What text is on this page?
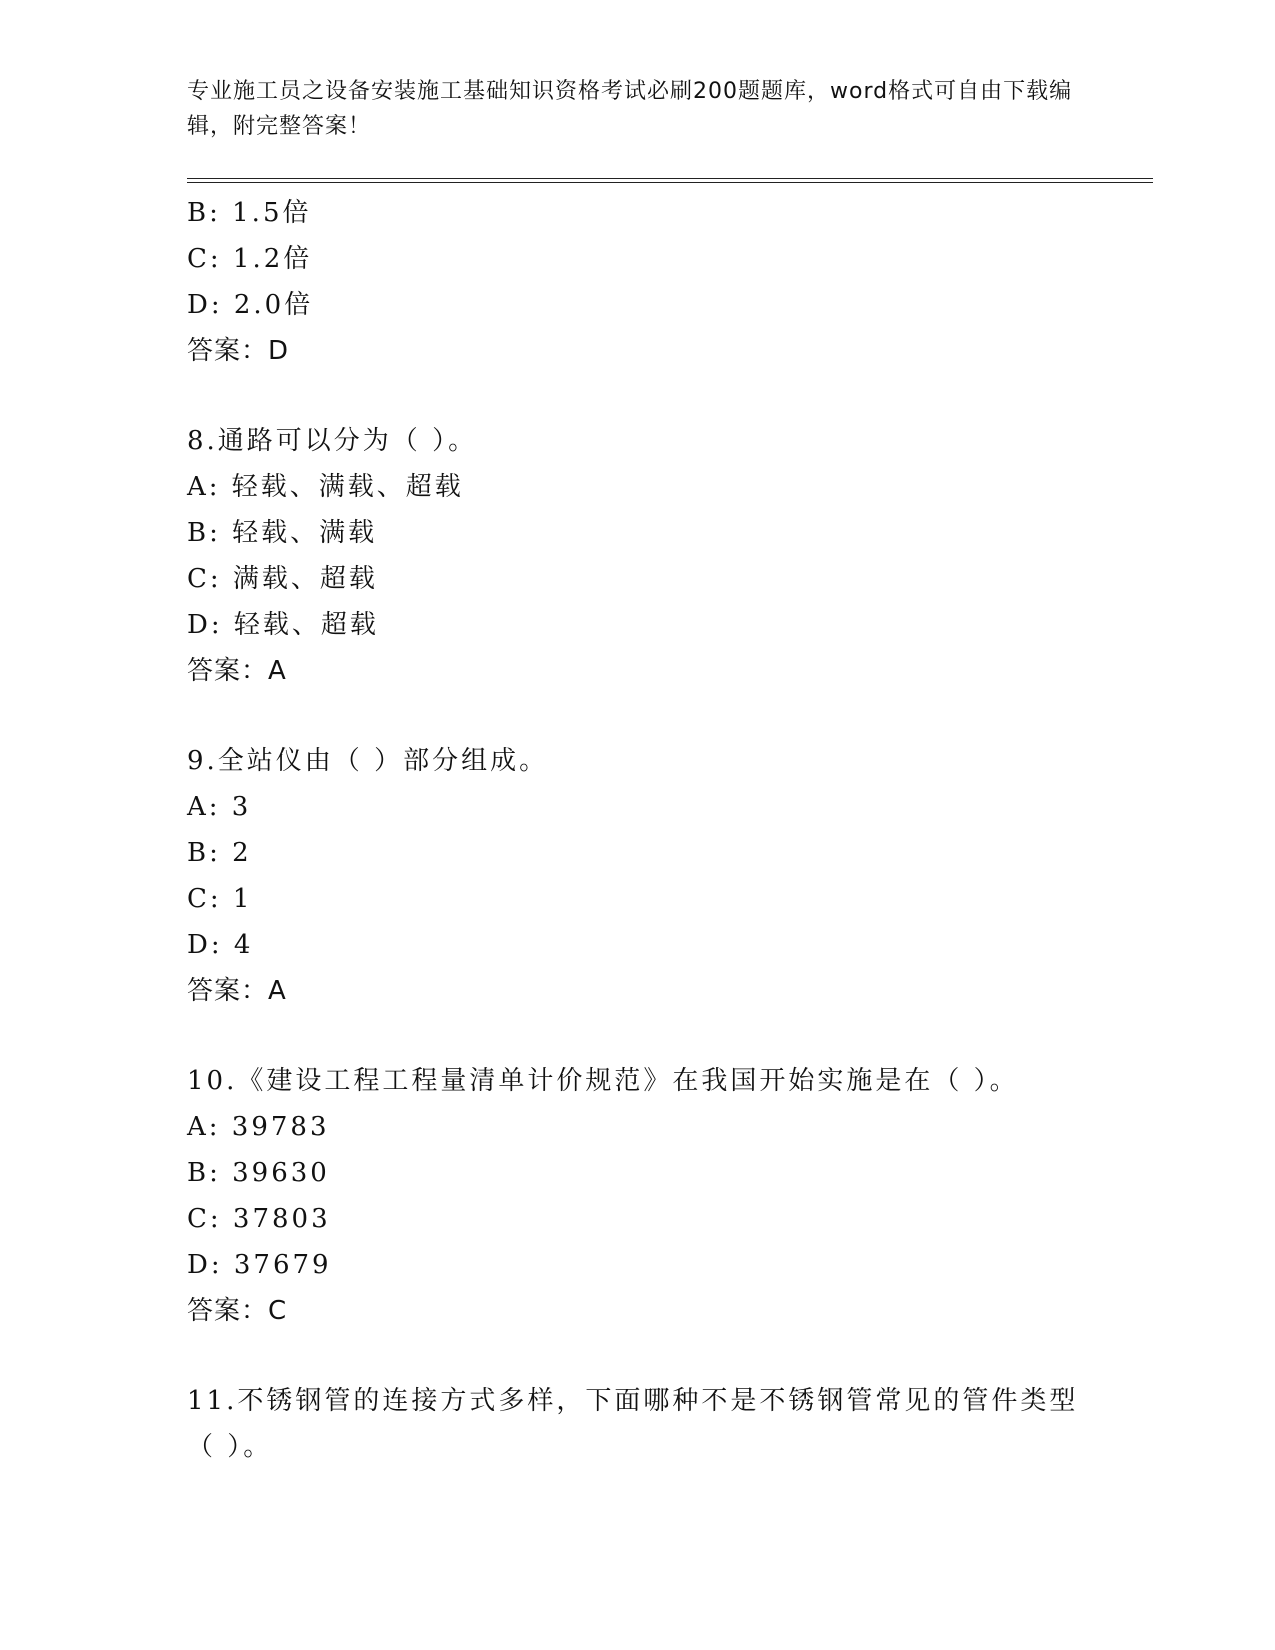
专业施工员之设备安装施工基础知识资格考试必刷200题题库，word格式可自由下载编辑，附完整答案！
B: 1.5倍
C: 1.2倍
D: 2.0倍
答案：D
8.通路可以分为（ ）。
A: 轻载、满载、超载
B: 轻载、满载
C: 满载、超载
D: 轻载、超载
答案：A
9.全站仪由（ ）部分组成。
A: 3
B: 2
C: 1
D: 4
答案：A
10.《建设工程工程量清单计价规范》在我国开始实施是在（ ）。
A: 39783
B: 39630
C: 37803
D: 37679
答案：C
11.不锈钢管的连接方式多样，下面哪种不是不锈钢管常见的管件类型（ ）。
